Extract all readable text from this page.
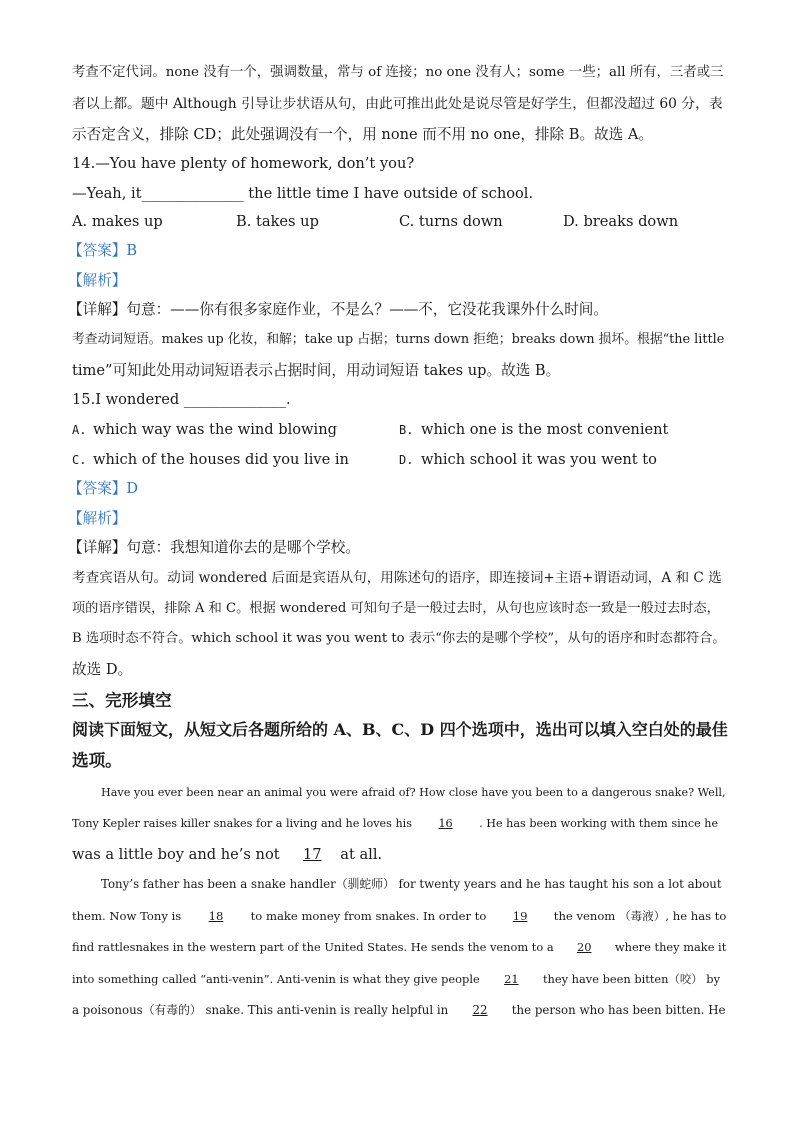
考查不定代词。none 没有一个，强调数量，常与 of 连接；no one 没有人；some 一些；all 所有，三者或三
者以上都。题中 Although 引导让步状语从句，由此可推出此处是说尽管是好学生，但都没超过 60 分，表
示否定含义，排除 CD；此处强调没有一个，用 none 而不用 no one，排除 B。故选 A。
14.—You have plenty of homework, don’t you?
—Yeah, it______________ the little time I have outside of school.
A. makes up	B. takes up	C. turns down	D. breaks down
【答案】B
【解析】
【详解】句意：——你有很多家庭作业，不是么？——不，它没花我课外什么时间。
考查动词短语。makes up 化妆，和解；take up 占据；turns down 拒绝；breaks down 损坏。根据“the little
time”可知此处用动词短语表示占据时间，用动词短语 takes up。故选 B。
15.I wondered ______________.
A. which way was the wind blowing	B. which one is the most convenient
C. which of the houses did you live in	D. which school it was you went to
【答案】D
【解析】
【详解】句意：我想知道你去的是哪个学校。
考查宾语从句。动词 wondered 后面是宾语从句，用陈述句的语序，即连接词+主语+谓语动词，A 和 C 选
项的语序错误，排除 A 和 C。根据 wondered 可知句子是一般过去时，从句也应该时态一致是一般过去时态，
B 选项时态不符合。which school it was you went to 表示“你去的是哪个学校”，从句的语序和时态都符合。
故选 D。
三、完形填空
阅读下面短文，从短文后各题所给的 A、B、C、D 四个选项中，选出可以填入空白处的最佳
选项。
Have you ever been near an animal you were afraid of? How close have you been to a dangerous snake? Well,
Tony Kepler raises killer snakes for a living and he loves his 16 . He has been working with them since he
was a little boy and he’s not 17 at all.
Tony’s father has been a snake handler（驯蛇师） for twenty years and he has taught his son a lot about
them. Now Tony is 18 to make money from snakes. In order to 19 the venom （毒液）, he has to
find rattlesnakes in the western part of the United States. He sends the venom to a 20 where they make it
into something called “anti-venin”. Anti-venin is what they give people 21 they have been bitten（咬） by
a poisonous（有毒的） snake. This anti-venin is really helpful in 22 the person who has been bitten. He
